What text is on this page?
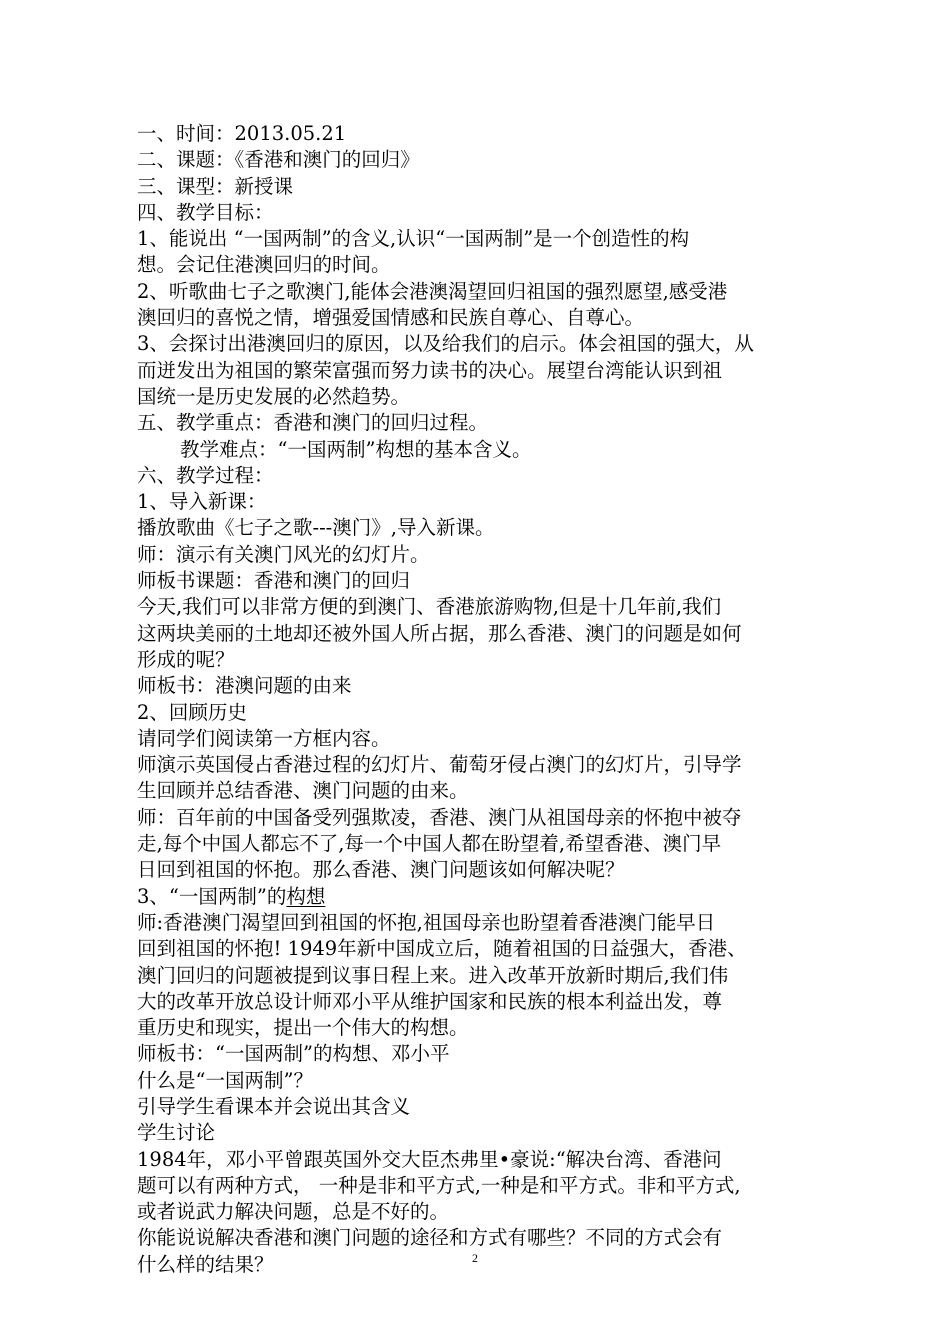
一、时间：2013.05.21
二、课题：《香港和澳门的回归》
三、课型：新授课
四、教学目标：
1、能说出 “一国两制”的含义,认识“一国两制”是一个创造性的构
想。会记住港澳回归的时间。
2、听歌曲七子之歌澳门,能体会港澳渴望回归祖国的强烈愿望,感受港
澳回归的喜悦之情，增强爱国情感和民族自尊心、自尊心。
3、会探讨出港澳回归的原因，以及给我们的启示。体会祖国的强大，从
而迸发出为祖国的繁荣富强而努力读书的决心。展望台湾能认识到祖
国统一是历史发展的必然趋势。
五、教学重点：香港和澳门的回归过程。
教学难点：“一国两制”构想的基本含义。
六、教学过程：
1、导入新课：
播放歌曲《七子之歌---澳门》,导入新课。
师：演示有关澳门风光的幻灯片。
师板书课题：香港和澳门的回归
今天,我们可以非常方便的到澳门、香港旅游购物,但是十几年前,我们
这两块美丽的土地却还被外国人所占据，那么香港、澳门的问题是如何
形成的呢？
师板书：港澳问题的由来
2、回顾历史
请同学们阅读第一方框内容。
师演示英国侵占香港过程的幻灯片、葡萄牙侵占澳门的幻灯片，引导学
生回顾并总结香港、澳门问题的由来。
师：百年前的中国备受列强欺凌，香港、澳门从祖国母亲的怀抱中被夺
走,每个中国人都忘不了,每一个中国人都在盼望着,希望香港、澳门早
日回到祖国的怀抱。那么香港、澳门问题该如何解决呢？
3、“一国两制”的构想
师:香港澳门渴望回到祖国的怀抱,祖国母亲也盼望着香港澳门能早日
回到祖国的怀抱! 1949年新中国成立后，随着祖国的日益强大，香港、
澳门回归的问题被提到议事日程上来。进入改革开放新时期后,我们伟
大的改革开放总设计师邓小平从维护国家和民族的根本利益出发，尊
重历史和现实，提出一个伟大的构想。
师板书：“一国两制”的构想、邓小平
什么是“一国两制”？
引导学生看课本并会说出其含义
学生讨论
1984年，邓小平曾跟英国外交大臣杰弗里•豪说:“解决台湾、香港问
题可以有两种方式， 一种是非和平方式,一种是和平方式。非和平方式,
或者说武力解决问题，总是不好的。
你能说说解决香港和澳门问题的途径和方式有哪些？不同的方式会有
什么样的结果？	2
